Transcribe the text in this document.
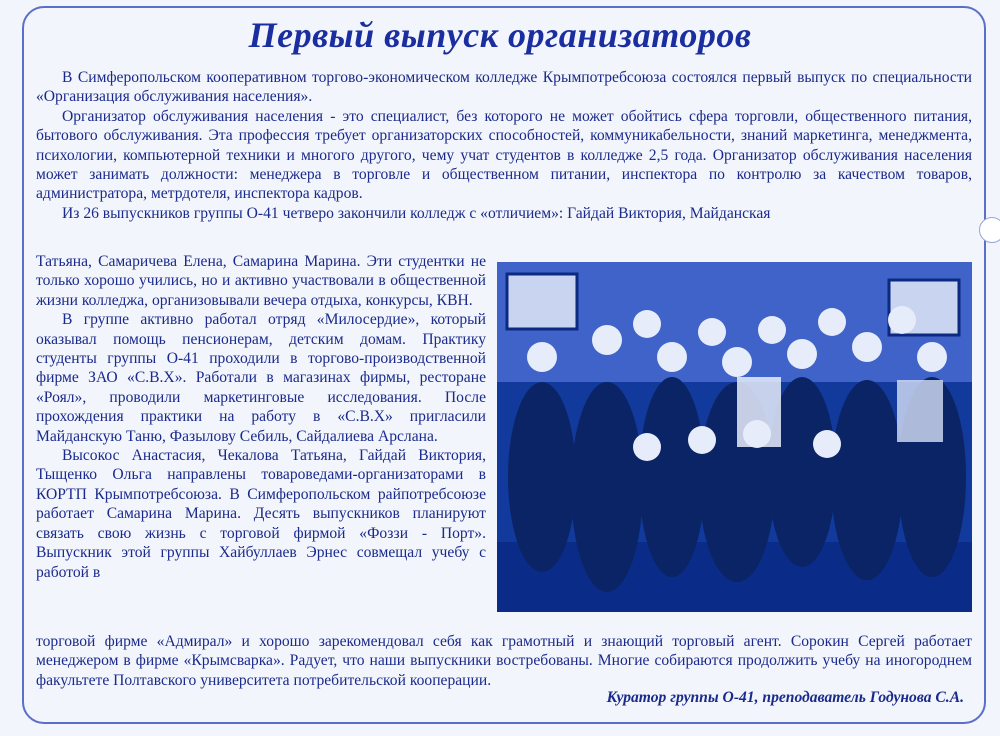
Первый выпуск организаторов

В Симферопольском кооперативном торгово-экономическом колледже Крымпотребсоюза состоялся первый выпуск по специальности «Организация обслуживания населения».

Организатор обслуживания населения - это специалист, без которого не может обойтись сфера торговли, общественного питания, бытового обслуживания. Эта профессия требует организаторских способностей, коммуникабельности, знаний маркетинга, менеджмента, психологии, компьютерной техники и многого другого, чему учат студентов в колледже 2,5 года. Организатор обслуживания населения может занимать должности: менеджера в торговле и общественном питании, инспектора по контролю за качеством товаров, администратора, метрдотеля, инспектора кадров.

Из 26 выпускников группы О-41 четверо закончили колледж с «отличием»: Гайдай Виктория, Майданская

Татьяна, Самаричева Елена, Самарина Марина. Эти студентки не только хорошо учились, но и активно участвовали в общественной жизни колледжа, организовывали вечера отдыха, конкурсы, КВН.

В группе активно работал отряд «Милосердие», который оказывал помощь пенсионерам, детским домам. Практику студенты группы О-41 проходили в торгово-производственной фирме ЗАО «С.В.Х». Работали в магазинах фирмы, ресторане «Роял», проводили маркетинговые исследования. После прохождения практики на работу в «С.В.Х» пригласили Майданскую Таню, Фазылову Себиль, Сайдалиева Арслана.

Высокос Анастасия, Чекалова Татьяна, Гайдай Виктория, Тыщенко Ольга направлены товароведами-организаторами в КОРТП Крымпотребсоюза. В Симферопольском райпотребсоюзе работает Самарина Марина. Десять выпускников планируют связать свою жизнь с торговой фирмой «Фоззи - Порт». Выпускник этой группы Хайбуллаев Эрнес совмещал учебу с работой в

торговой фирме «Адмирал» и хорошо зарекомендовал себя как грамотный и знающий торговый агент. Сорокин Сергей работает менеджером в фирме «Крымсварка». Радует, что наши выпускники востребованы. Многие собираются продолжить учебу на иногороднем факультете Полтавского университета потребительской кооперации.

Куратор группы О-41, преподаватель Годунова С.А.
